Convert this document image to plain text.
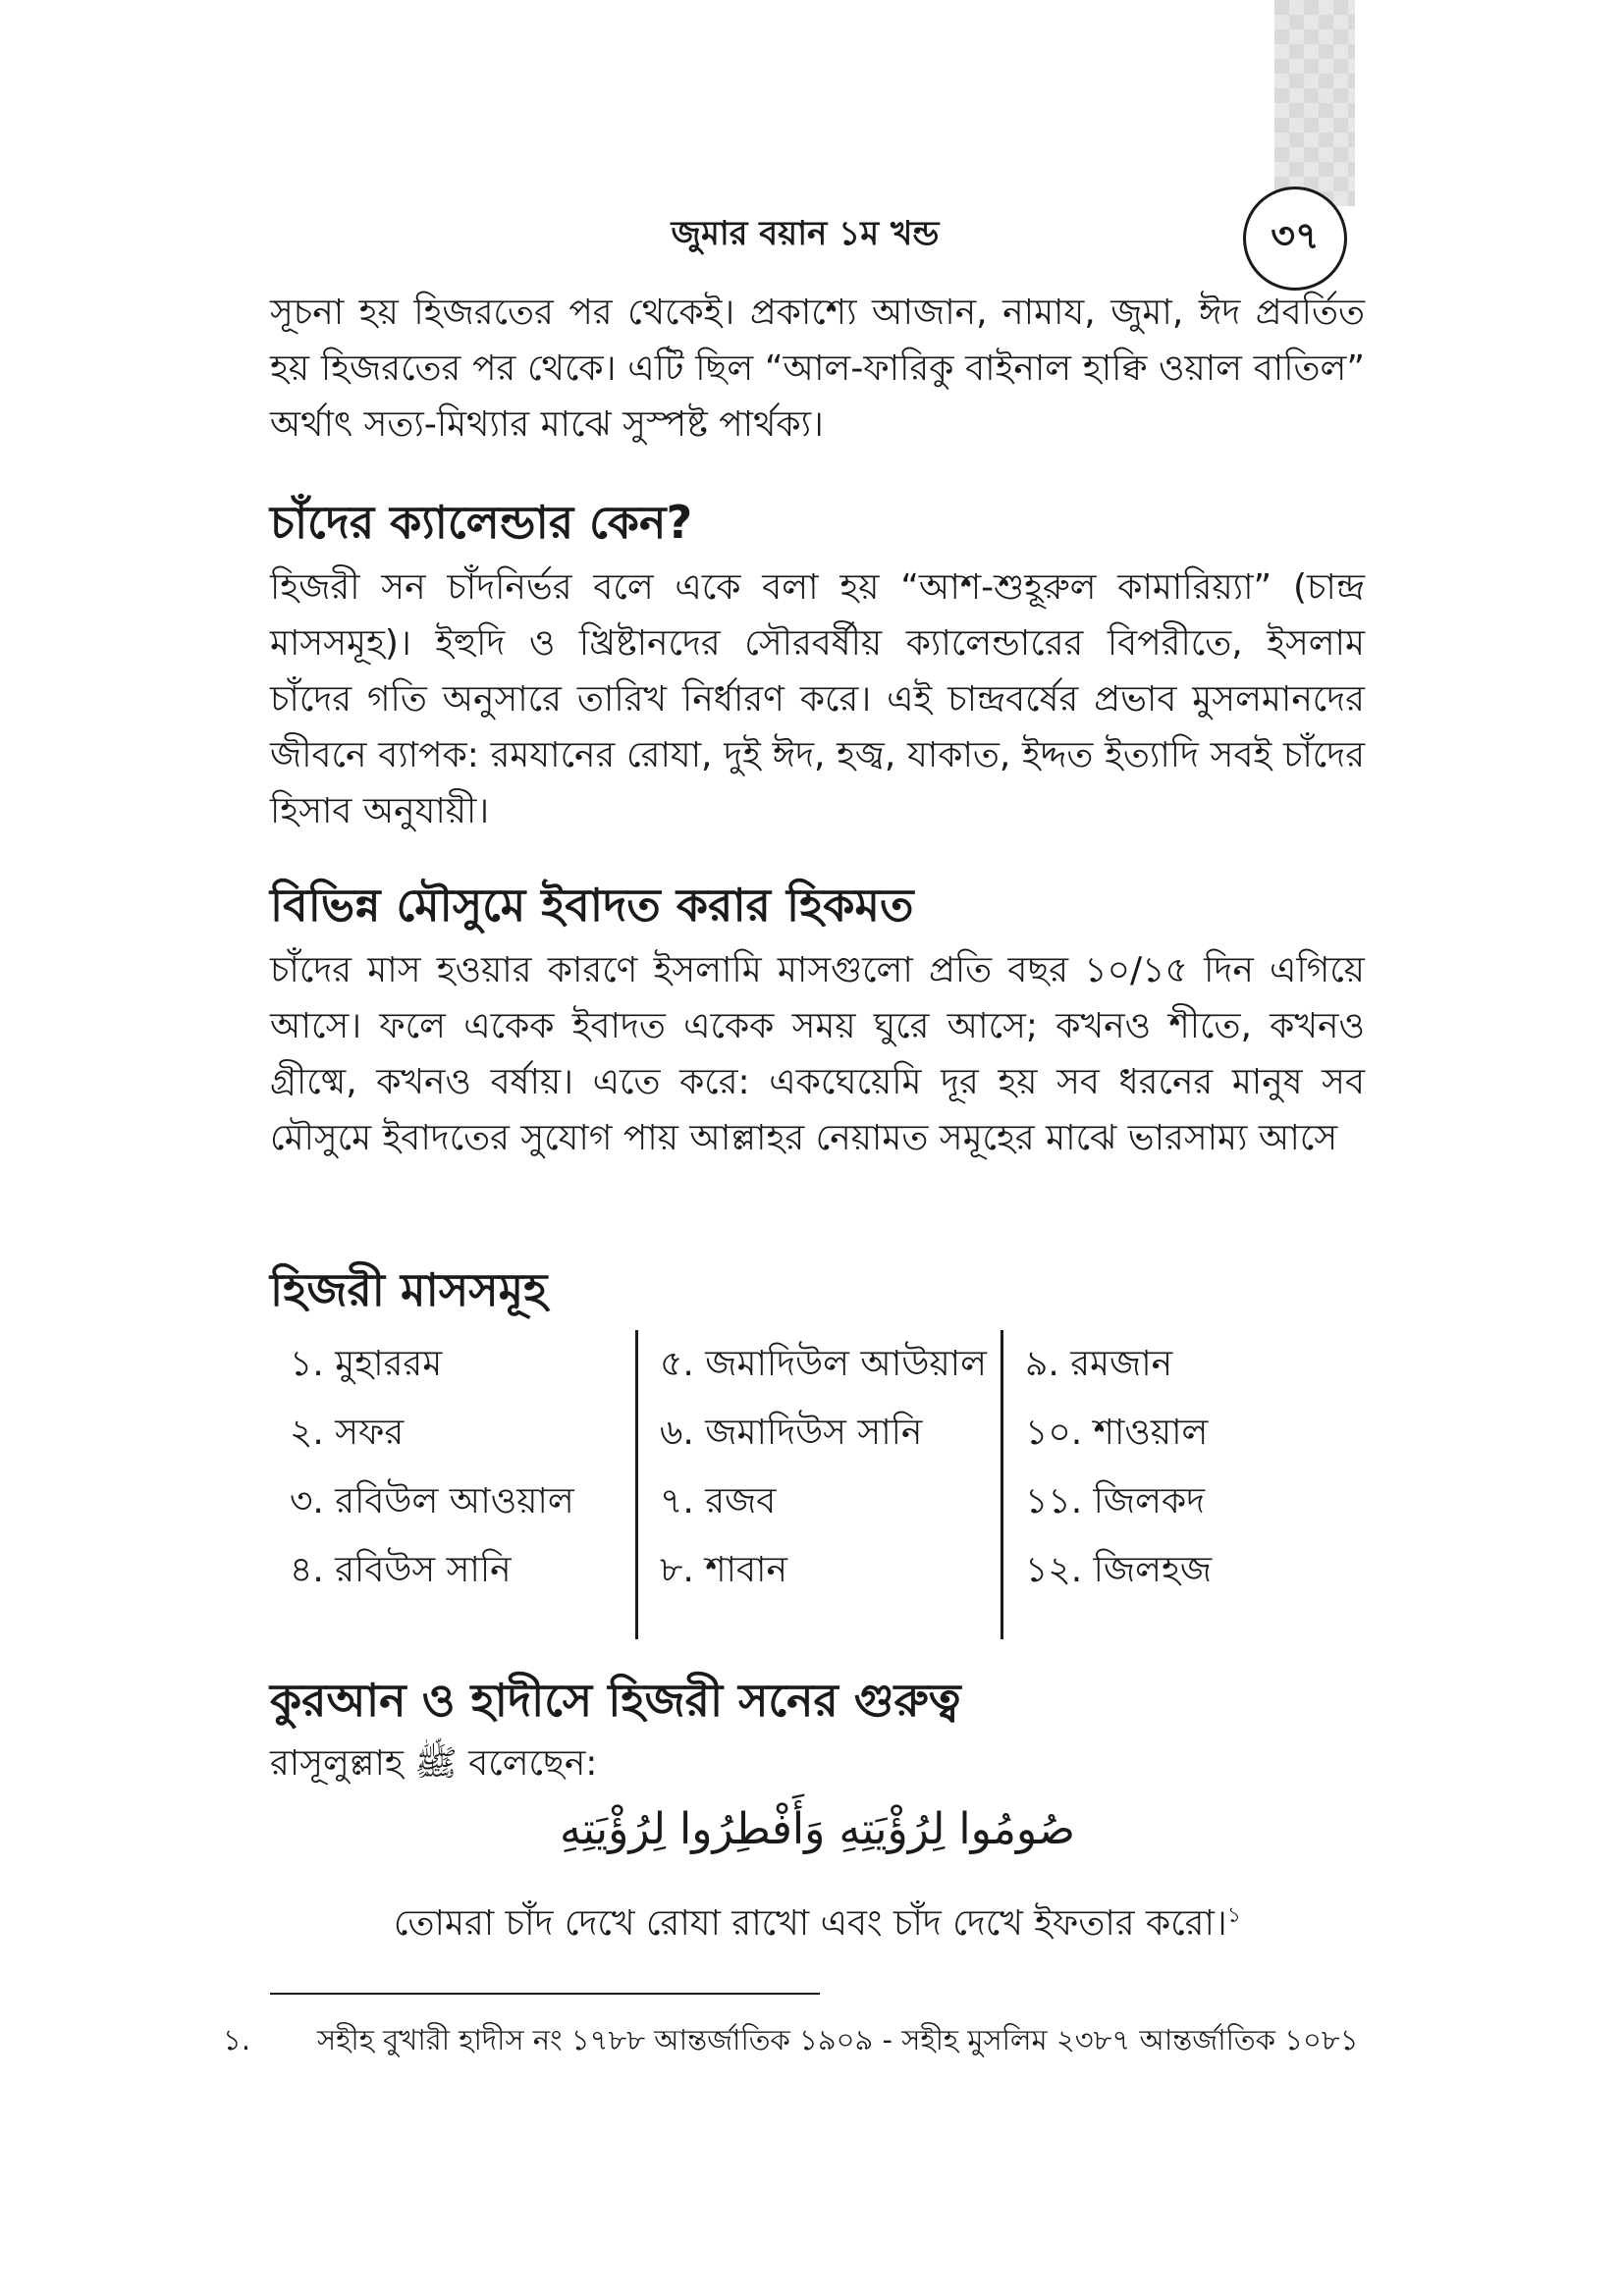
জুমার বয়ান ১ম খন্ড	৩৭

সূচনা হয় হিজরতের পর থেকেই। প্রকাশ্যে আজান, নামায, জুমা, ঈদ প্রবর্তিত হয় হিজরতের পর থেকে। এটি ছিল “আল-ফারিকু বাইনাল হাক্বি ওয়াল বাতিল” অর্থাৎ সত্য-মিথ্যার মাঝে সুস্পষ্ট পার্থক্য।

চাঁদের ক্যালেন্ডার কেন?

হিজরী সন চাঁদনির্ভর বলে একে বলা হয় “আশ-শুহূরুল কামারিয়্যা” (চান্দ্র মাসসমূহ)। ইহুদি ও খ্রিষ্টানদের সৌরবর্ষীয় ক্যালেন্ডারের বিপরীতে, ইসলাম চাঁদের গতি অনুসারে তারিখ নির্ধারণ করে। এই চান্দ্রবর্ষের প্রভাব মুসলমানদের জীবনে ব্যাপক: রমযানের রোযা, দুই ঈদ, হজ্ব, যাকাত, ইদ্দত ইত্যাদি সবই চাঁদের হিসাব অনুযায়ী।

বিভিন্ন মৌসুমে ইবাদত করার হিকমত

চাঁদের মাস হওয়ার কারণে ইসলামি মাসগুলো প্রতি বছর ১০/১৫ দিন এগিয়ে আসে। ফলে একেক ইবাদত একেক সময় ঘুরে আসে; কখনও শীতে, কখনও গ্রীষ্মে, কখনও বর্ষায়। এতে করে: একঘেয়েমি দূর হয় সব ধরনের মানুষ সব মৌসুমে ইবাদতের সুযোগ পায় আল্লাহর নেয়ামত সমূহের মাঝে ভারসাম্য আসে

হিজরী মাসসমূহ
১. মুহাররম
২. সফর
৩. রবিউল আওয়াল
৪. রবিউস সানি
৫. জমাদিউল আউয়াল
৬. জমাদিউস সানি
৭. রজব
৮. শাবান
৯. রমজান
১০. শাওয়াল
১১. জিলকদ
১২. জিলহজ
কুরআন ও হাদীসে হিজরী সনের গুরুত্ব

রাসূলুল্লাহ ﷺ বলেছেন:

صُومُوا لِرُؤْيَتِهِ وَأَفْطِرُوا لِرُؤْيَتِهِ
তোমরা চাঁদ দেখে রোযা রাখো এবং চাঁদ দেখে ইফতার করো।$^১$
১. সহীহ বুখারী হাদীস নং ১৭৮৮ আন্তর্জাতিক ১৯০৯ - সহীহ মুসলিম ২৩৮৭ আন্তর্জাতিক ১০৮১
